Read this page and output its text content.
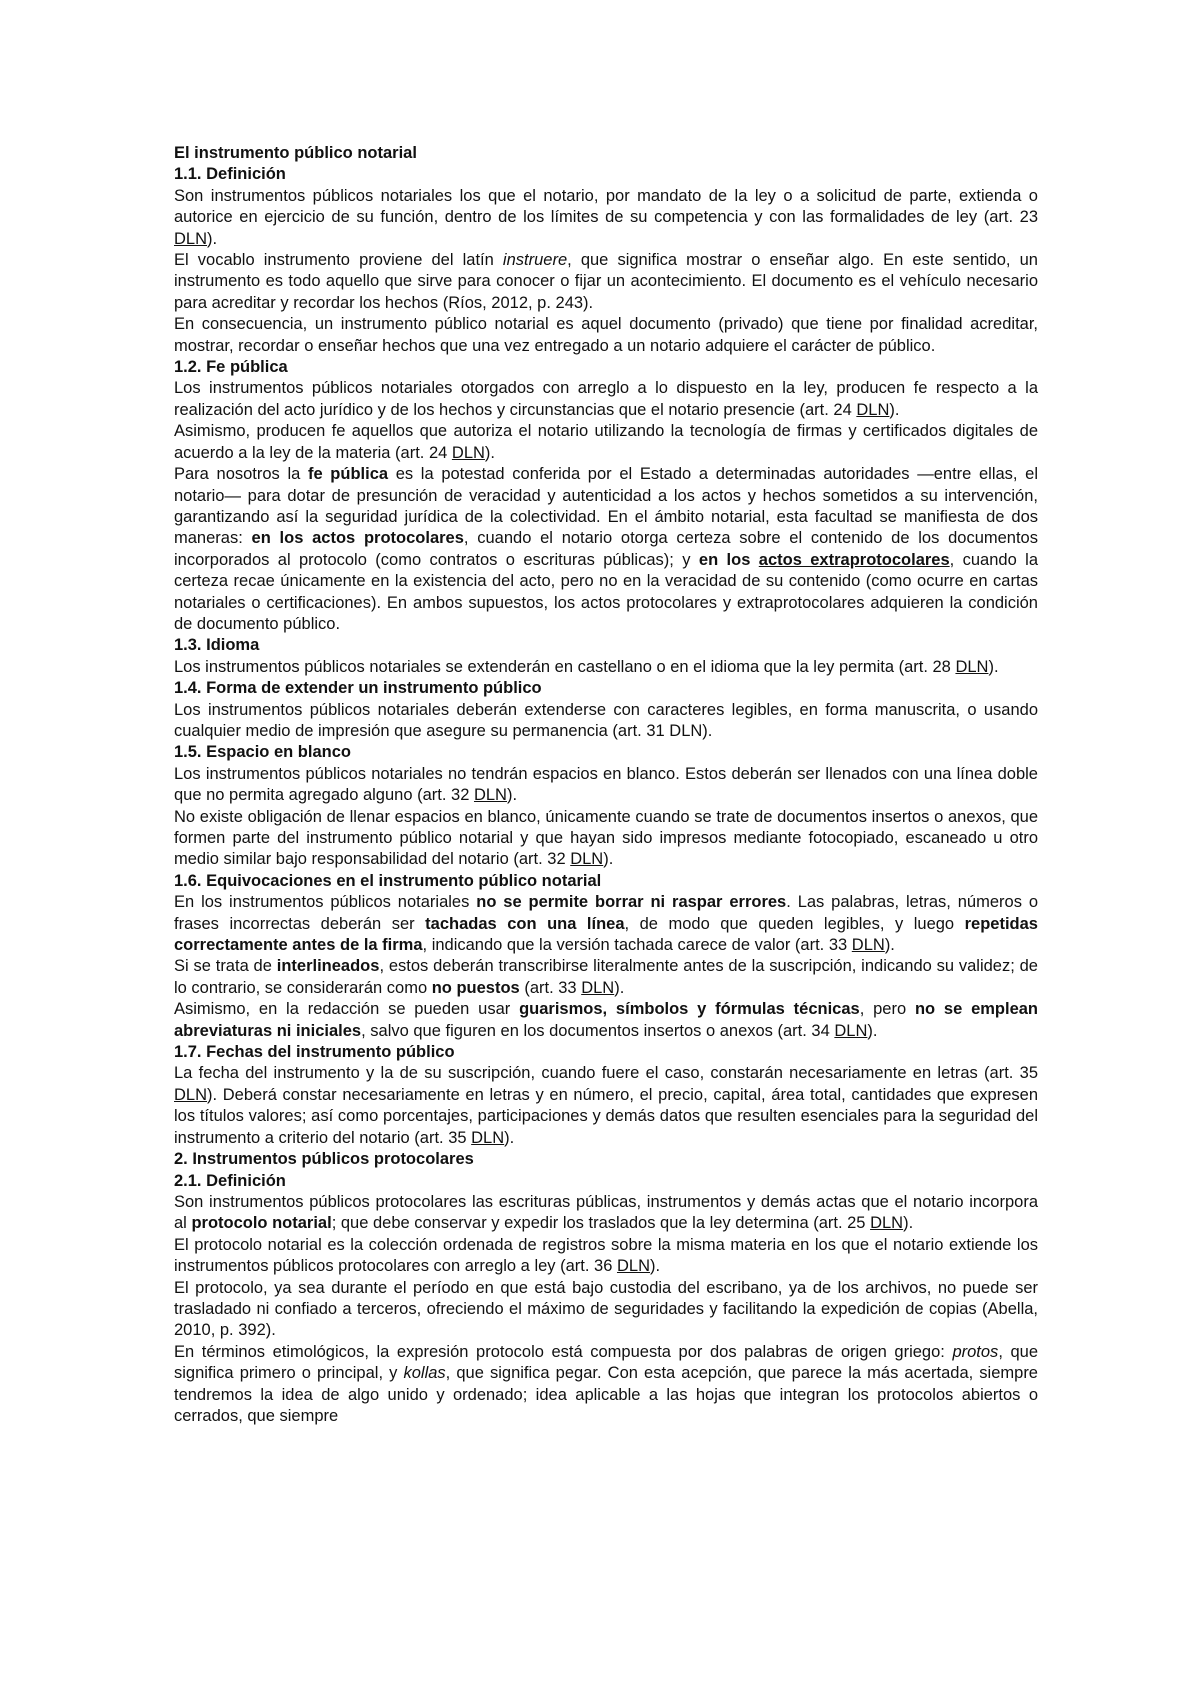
El instrumento público notarial

1.1. Definición

Son instrumentos públicos notariales los que el notario, por mandato de la ley o a solicitud de parte, extienda o autorice en ejercicio de su función, dentro de los límites de su competencia y con las formalidades de ley (art. 23 DLN).

El vocablo instrumento proviene del latín instruere, que significa mostrar o enseñar algo. En este sentido, un instrumento es todo aquello que sirve para conocer o fijar un acontecimiento. El documento es el vehículo necesario para acreditar y recordar los hechos (Ríos, 2012, p. 243).

En consecuencia, un instrumento público notarial es aquel documento (privado) que tiene por finalidad acreditar, mostrar, recordar o enseñar hechos que una vez entregado a un notario adquiere el carácter de público.

1.2. Fe pública

Los instrumentos públicos notariales otorgados con arreglo a lo dispuesto en la ley, producen fe respecto a la realización del acto jurídico y de los hechos y circunstancias que el notario presencie (art. 24 DLN).

Asimismo, producen fe aquellos que autoriza el notario utilizando la tecnología de firmas y certificados digitales de acuerdo a la ley de la materia (art. 24 DLN).

Para nosotros la fe pública es la potestad conferida por el Estado a determinadas autoridades —entre ellas, el notario— para dotar de presunción de veracidad y autenticidad a los actos y hechos sometidos a su intervención, garantizando así la seguridad jurídica de la colectividad. En el ámbito notarial, esta facultad se manifiesta de dos maneras: en los actos protocolares, cuando el notario otorga certeza sobre el contenido de los documentos incorporados al protocolo (como contratos o escrituras públicas); y en los actos extraprotocolares, cuando la certeza recae únicamente en la existencia del acto, pero no en la veracidad de su contenido (como ocurre en cartas notariales o certificaciones). En ambos supuestos, los actos protocolares y extraprotocolares adquieren la condición de documento público.

1.3. Idioma

Los instrumentos públicos notariales se extenderán en castellano o en el idioma que la ley permita (art. 28 DLN).

1.4. Forma de extender un instrumento público

Los instrumentos públicos notariales deberán extenderse con caracteres legibles, en forma manuscrita, o usando cualquier medio de impresión que asegure su permanencia (art. 31 DLN).

1.5. Espacio en blanco

Los instrumentos públicos notariales no tendrán espacios en blanco. Estos deberán ser llenados con una línea doble que no permita agregado alguno (art. 32 DLN).

No existe obligación de llenar espacios en blanco, únicamente cuando se trate de documentos insertos o anexos, que formen parte del instrumento público notarial y que hayan sido impresos mediante fotocopiado, escaneado u otro medio similar bajo responsabilidad del notario (art. 32 DLN).

1.6. Equivocaciones en el instrumento público notarial

En los instrumentos públicos notariales no se permite borrar ni raspar errores. Las palabras, letras, números o frases incorrectas deberán ser tachadas con una línea, de modo que queden legibles, y luego repetidas correctamente antes de la firma, indicando que la versión tachada carece de valor (art. 33 DLN).

Si se trata de interlineados, estos deberán transcribirse literalmente antes de la suscripción, indicando su validez; de lo contrario, se considerarán como no puestos (art. 33 DLN).

Asimismo, en la redacción se pueden usar guarismos, símbolos y fórmulas técnicas, pero no se emplean abreviaturas ni iniciales, salvo que figuren en los documentos insertos o anexos (art. 34 DLN).

1.7. Fechas del instrumento público

La fecha del instrumento y la de su suscripción, cuando fuere el caso, constarán necesariamente en letras (art. 35 DLN). Deberá constar necesariamente en letras y en número, el precio, capital, área total, cantidades que expresen los títulos valores; así como porcentajes, participaciones y demás datos que resulten esenciales para la seguridad del instrumento a criterio del notario (art. 35 DLN).

2. Instrumentos públicos protocolares

2.1. Definición

Son instrumentos públicos protocolares las escrituras públicas, instrumentos y demás actas que el notario incorpora al protocolo notarial; que debe conservar y expedir los traslados que la ley determina (art. 25 DLN).

El protocolo notarial es la colección ordenada de registros sobre la misma materia en los que el notario extiende los instrumentos públicos protocolares con arreglo a ley (art. 36 DLN).

El protocolo, ya sea durante el período en que está bajo custodia del escribano, ya de los archivos, no puede ser trasladado ni confiado a terceros, ofreciendo el máximo de seguridades y facilitando la expedición de copias (Abella, 2010, p. 392).

En términos etimológicos, la expresión protocolo está compuesta por dos palabras de origen griego: protos, que significa primero o principal, y kollas, que significa pegar. Con esta acepción, que parece la más acertada, siempre tendremos la idea de algo unido y ordenado; idea aplicable a las hojas que integran los protocolos abiertos o cerrados, que siempre
